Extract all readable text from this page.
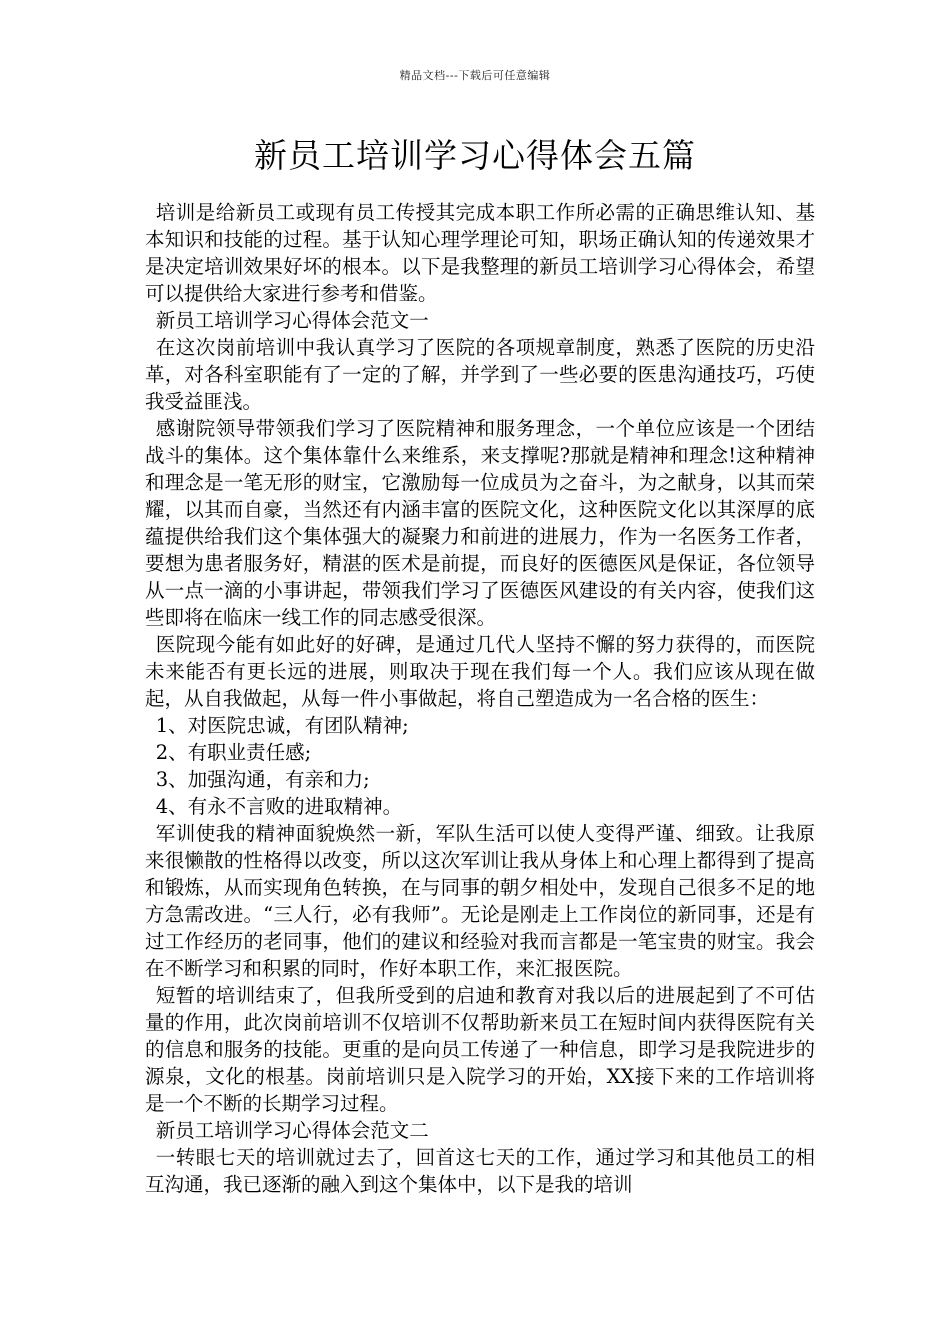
精品文档---下载后可任意编辑
新员工培训学习心得体会五篇

培训是给新员工或现有员工传授其完成本职工作所必需的正确思维认知、基本知识和技能的过程。基于认知心理学理论可知，职场正确认知的传递效果才是决定培训效果好坏的根本。以下是我整理的新员工培训学习心得体会，希望可以提供给大家进行参考和借鉴。

新员工培训学习心得体会范文一

在这次岗前培训中我认真学习了医院的各项规章制度，熟悉了医院的历史沿革，对各科室职能有了一定的了解，并学到了一些必要的医患沟通技巧，巧使我受益匪浅。

感谢院领导带领我们学习了医院精神和服务理念，一个单位应该是一个团结战斗的集体。这个集体靠什么来维系，来支撑呢?那就是精神和理念!这种精神和理念是一笔无形的财宝，它激励每一位成员为之奋斗，为之献身，以其而荣耀，以其而自豪，当然还有内涵丰富的医院文化，这种医院文化以其深厚的底蕴提供给我们这个集体强大的凝聚力和前进的进展力，作为一名医务工作者，要想为患者服务好，精湛的医术是前提，而良好的医德医风是保证，各位领导从一点一滴的小事讲起，带领我们学习了医德医风建设的有关内容，使我们这些即将在临床一线工作的同志感受很深。

医院现今能有如此好的好碑，是通过几代人坚持不懈的努力获得的，而医院未来能否有更长远的进展，则取决于现在我们每一个人。我们应该从现在做起，从自我做起，从每一件小事做起，将自己塑造成为一名合格的医生：

1、对医院忠诚，有团队精神;

2、有职业责任感;

3、加强沟通，有亲和力;

4、有永不言败的进取精神。

军训使我的精神面貌焕然一新，军队生活可以使人变得严谨、细致。让我原来很懒散的性格得以改变，所以这次军训让我从身体上和心理上都得到了提高和锻炼，从而实现角色转换，在与同事的朝夕相处中，发现自己很多不足的地方急需改进。“三人行，必有我师”。无论是刚走上工作岗位的新同事，还是有过工作经历的老同事，他们的建议和经验对我而言都是一笔宝贵的财宝。我会在不断学习和积累的同时，作好本职工作，来汇报医院。

短暂的培训结束了，但我所受到的启迪和教育对我以后的进展起到了不可估量的作用，此次岗前培训不仅培训不仅帮助新来员工在短时间内获得医院有关的信息和服务的技能。更重的是向员工传递了一种信息，即学习是我院进步的源泉，文化的根基。岗前培训只是入院学习的开始，XX接下来的工作培训将是一个不断的长期学习过程。

新员工培训学习心得体会范文二

一转眼七天的培训就过去了，回首这七天的工作，通过学习和其他员工的相互沟通，我已逐渐的融入到这个集体中，以下是我的培训
